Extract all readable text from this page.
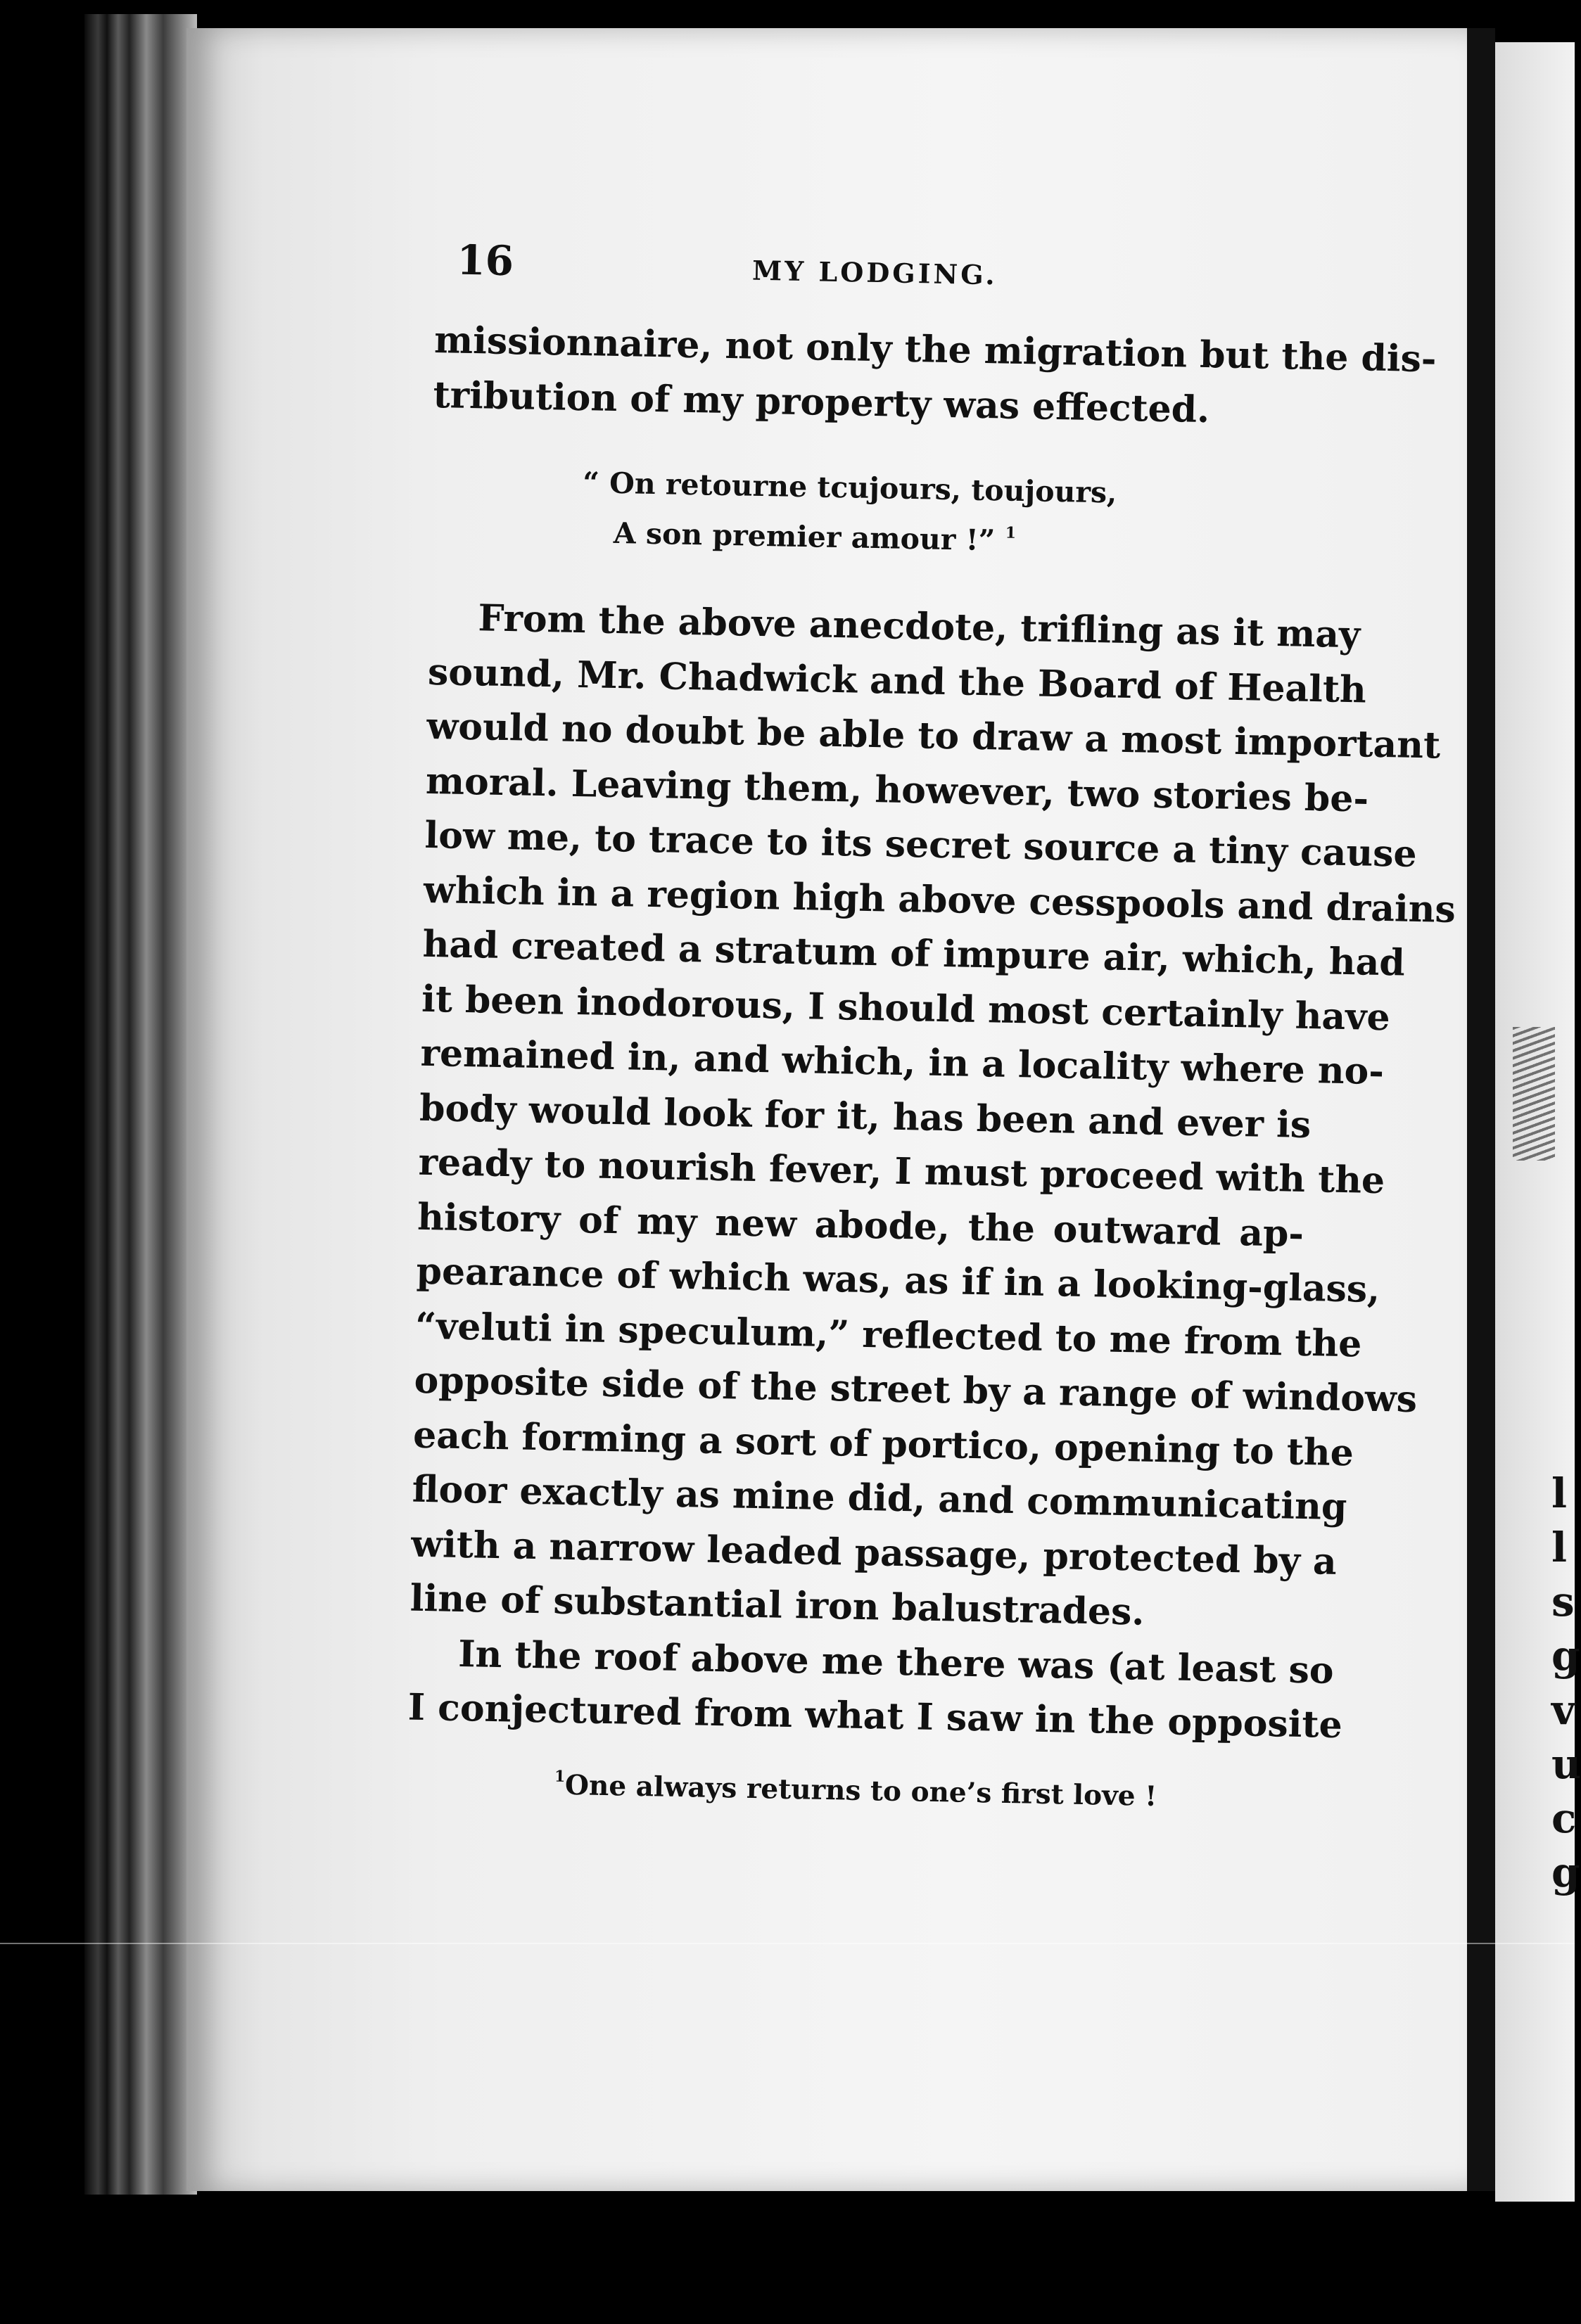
l
l
s
g
v
u
c
g
16	MY LODGING.

missionnaire, not only the migration but the dis-
tribution of my property was effected.

“ On retourne tcujours, toujours,
A son premier amour !” $^1$

From the above anecdote, trifling as it may
sound, Mr. Chadwick and the Board of Health
would no doubt be able to draw a most important
moral. Leaving them, however, two stories be-
low me, to trace to its secret source a tiny cause
which in a region high above cesspools and drains
had created a stratum of impure air, which, had
it been inodorous, I should most certainly have
remained in, and which, in a locality where no-
body would look for it, has been and ever is
ready to nourish fever, I must proceed with the
history of my new abode, the outward ap-
pearance of which was, as if in a looking-glass,
“veluti in speculum,” reflected to me from the
opposite side of the street by a range of windows
each forming a sort of portico, opening to the
floor exactly as mine did, and communicating
with a narrow leaded passage, protected by a
line of substantial iron balustrades.

In the roof above me there was (at least so
I conjectured from what I saw in the opposite

$^1$One always returns to one’s first love !
